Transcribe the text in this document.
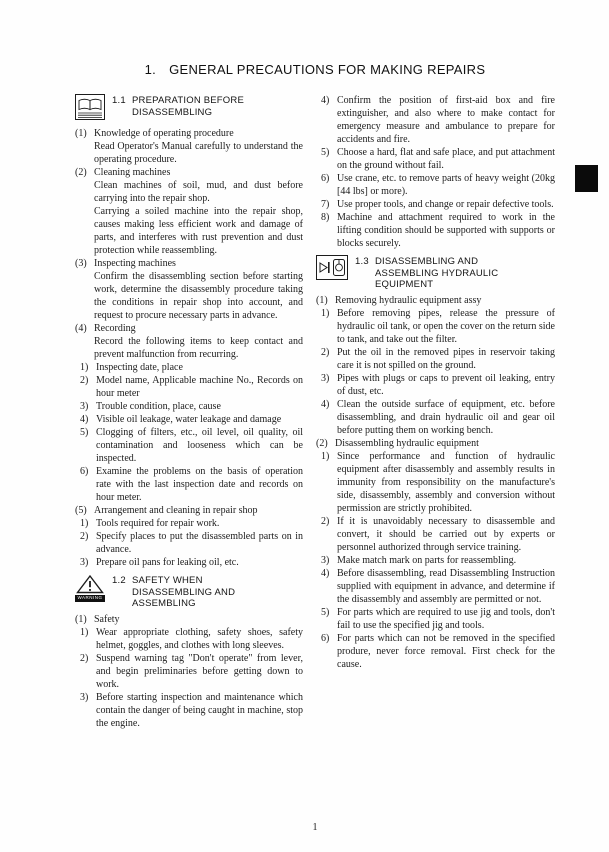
1. GENERAL PRECAUTIONS FOR MAKING REPAIRS
1.1 PREPARATION BEFORE
DISASSEMBLING
(1) Knowledge of operating procedure
Read Operator's Manual carefully to understand the operating procedure.
(2) Cleaning machines
Clean machines of soil, mud, and dust before carrying into the repair shop.
Carrying a soiled machine into the repair shop, causes making less efficient work and damage of parts, and interferes with rust prevention and dust protection while reassembling.
(3) Inspecting machines
Confirm the disassembling section before starting work, determine the disassembly procedure taking the conditions in repair shop into account, and request to procure necessary parts in advance.
(4) Recording
Record the following items to keep contact and prevent malfunction from recurring.
1) Inspecting date, place
2) Model name, Applicable machine No., Records on hour meter
3) Trouble condition, place, cause
4) Visible oil leakage, water leakage and damage
5) Clogging of filters, etc., oil level, oil quality, oil contamination and looseness which can be inspected.
6) Examine the problems on the basis of operation rate with the last inspection date and records on hour meter.
(5) Arrangement and cleaning in repair shop
1) Tools required for repair work.
2) Specify places to put the disassembled parts on in advance.
3) Prepare oil pans for leaking oil, etc.
WARNING
1.2 SAFETY WHEN
DISASSEMBLING AND
ASSEMBLING
(1) Safety
1) Wear appropriate clothing, safety shoes, safety helmet, goggles, and clothes with long sleeves.
2) Suspend warning tag "Don't operate" from lever, and begin preliminaries before getting down to work.
3) Before starting inspection and maintenance which contain the danger of being caught in machine, stop the engine.
4) Confirm the position of first-aid box and fire extinguisher, and also where to make contact for emergency measure and ambulance to prepare for accidents and fire.
5) Choose a hard, flat and safe place, and put attachment on the ground without fail.
6) Use crane, etc. to remove parts of heavy weight (20kg [44 lbs] or more).
7) Use proper tools, and change or repair defective tools.
8) Machine and attachment required to work in the lifting condition should be supported with supports or blocks securely.
1.3 DISASSEMBLING AND
ASSEMBLING HYDRAULIC
EQUIPMENT
(1) Removing hydraulic equipment assy
1) Before removing pipes, release the pressure of hydraulic oil tank, or open the cover on the return side to tank, and take out the filter.
2) Put the oil in the removed pipes in reservoir taking care it is not spilled on the ground.
3) Pipes with plugs or caps to prevent oil leaking, entry of dust, etc.
4) Clean the outside surface of equipment, etc. before disassembling, and drain hydraulic oil and gear oil before putting them on working bench.
(2) Disassembling hydraulic equipment
1) Since performance and function of hydraulic equipment after disassembly and assembly results in immunity from responsibility on the manufacture's side, disassembly, assembly and conversion without permission are strictly prohibited.
2) If it is unavoidably necessary to disassemble and convert, it should be carried out by experts or personnel authorized through service training.
3) Make match mark on parts for reassembling.
4) Before disassembling, read Disassembling Instruction supplied with equipment in advance, and determine if the disassembly and assembly are permitted or not.
5) For parts which are required to use jig and tools, don't fail to use the specified jig and tools.
6) For parts which can not be removed in the specified produre, never force removal. First check for the cause.
1
